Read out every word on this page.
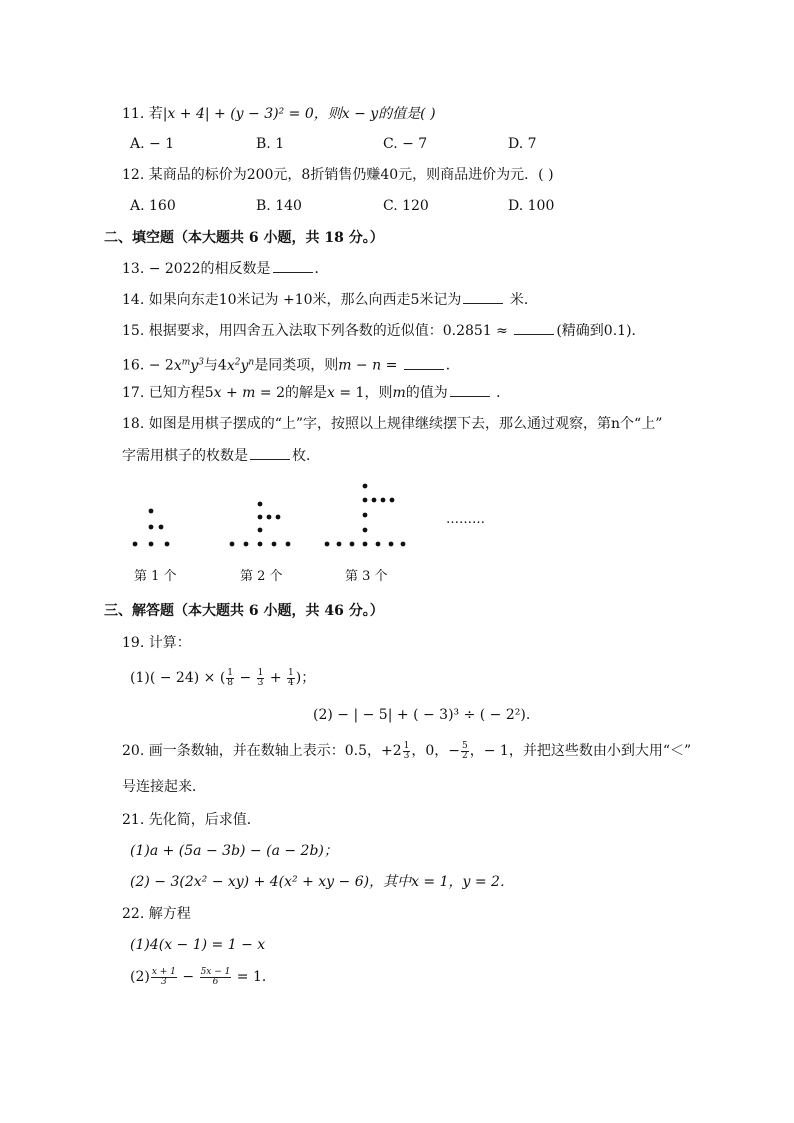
11. 若|x + 4| + (y − 3)² = 0，则x − y的值是( )
A. − 1	B. 1	C. − 7	D. 7
12. 某商品的标价为200元，8折销售仍赚40元，则商品进价为元．( )
A. 160	B. 140	C. 120	D. 100
二、填空题（本大题共 6 小题，共 18 分。）
13. − 2022的相反数是	．
14. 如果向东走10米记为 +10米，那么向西走5米记为	米．
15. 根据要求，用四舍五入法取下列各数的近似值：0.2851 ≈	(精确到0.1)．
16. − $2x^my^3$与$4x^2y^n$是同类项，则m − n =	．
17. 已知方程5x + m = 2的解是x = 1，则m的值为	．
18. 如图是用棋子摆成的“上”字，按照以上规律继续摆下去，那么通过观察，第n个“上”
字需用棋子的枚数是	枚．
………
第 1 个	第 2 个	第 3 个
三、解答题（本大题共 6 小题，共 46 分。）
19. 计算：
(1)( − 24) × ( $\frac{1}{8} - \frac{1}{3} + \frac{1}{4}$ )；
(2) − | − 5| + ( − 3)³ ÷ ( − 2²).
20. 画一条数轴，并在数轴上表示：0.5，$+2 \frac{1}{3}$ ，0，− $\frac{5}{2}$ ，− 1，并把这些数由小到大用“＜”
号连接起来．
21. 先化简，后求值．
(1)a + (5a − 3b) − (a − 2b)；
(2) − 3(2x² − xy) + 4(x² + xy − 6)，其中x = 1，y = 2．
22. 解方程
(1)4(x − 1) = 1 − x
$(2) \frac{x + 1}{3} - \frac{5x - 1}{6} = 1$．
